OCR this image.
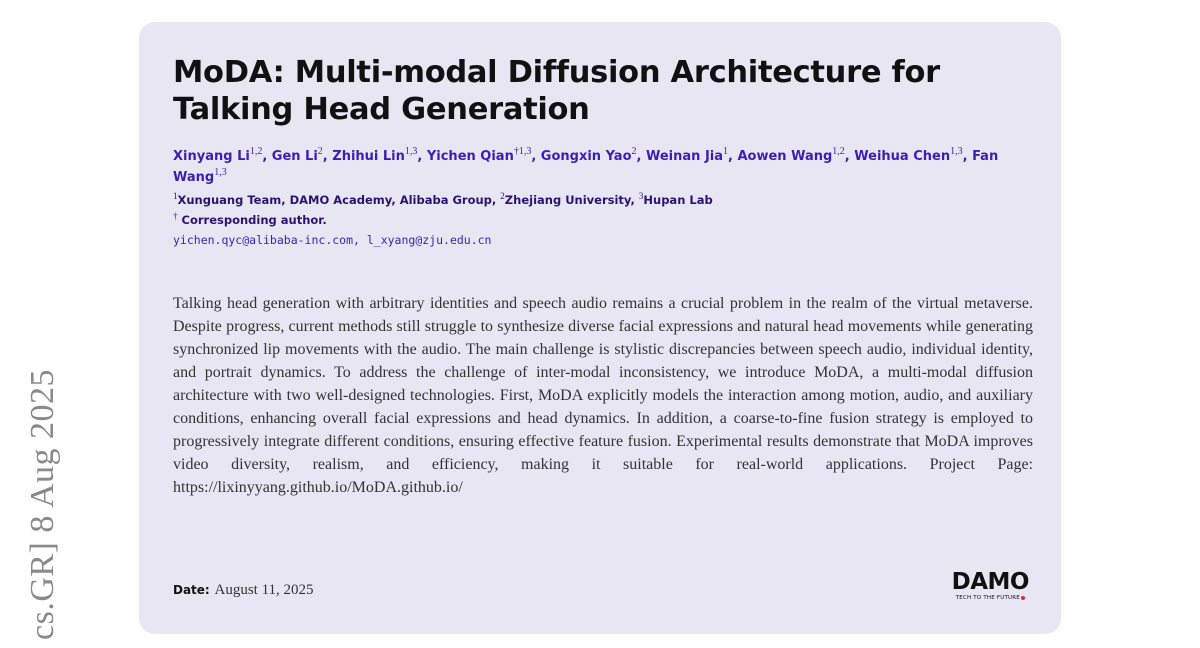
cs.GR] 8 Aug 2025
MoDA: Multi-modal Diffusion Architecture for Talking Head Generation
Xinyang Li$^{1,2}$, Gen Li$^2$, Zhihui Lin$^{1,3}$, Yichen Qian$^{\dagger 1,3}$, Gongxin Yao$^2$, Weinan Jia$^1$, Aowen Wang$^{1,2}$, Weihua Chen$^{1,3}$, Fan Wang$^{1,3}$
$^1$Xunguang Team, DAMO Academy, Alibaba Group, $^2$Zhejiang University, $^3$Hupan Lab
† Corresponding author.
yichen.qyc@alibaba-inc.com, l_xyang@zju.edu.cn

Talking head generation with arbitrary identities and speech audio remains a crucial problem in the realm of the virtual metaverse. Despite progress, current methods still struggle to synthesize diverse facial expressions and natural head movements while generating synchronized lip movements with the audio. The main challenge is stylistic discrepancies between speech audio, individual identity, and portrait dynamics. To address the challenge of inter-modal inconsistency, we introduce MoDA, a multi-modal diffusion architecture with two well-designed technologies. First, MoDA explicitly models the interaction among motion, audio, and auxiliary conditions, enhancing overall facial expressions and head dynamics. In addition, a coarse-to-fine fusion strategy is employed to progressively integrate different conditions, ensuring effective feature fusion. Experimental results demonstrate that MoDA improves video diversity, realism, and efficiency, making it suitable for real-world applications. Project Page: https://lixinyyang.github.io/MoDA.github.io/

Date: August 11, 2025	DAMO
TECH TO THE FUTURE
